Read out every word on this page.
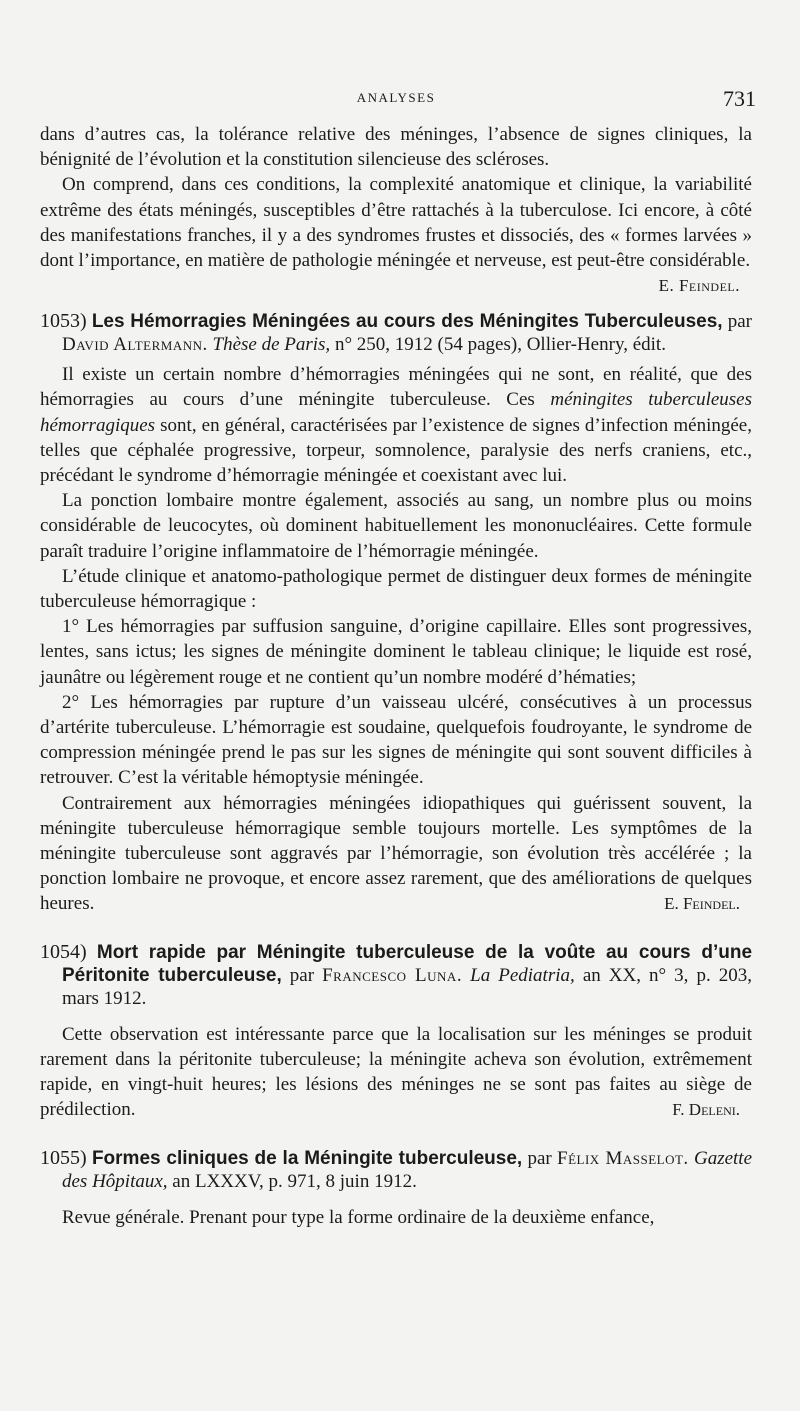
ANALYSES	731

dans d’autres cas, la tolérance relative des méninges, l’absence de signes cliniques, la bénignité de l’évolution et la constitution silencieuse des scléroses.

On comprend, dans ces conditions, la complexité anatomique et clinique, la variabilité extrême des états méningés, susceptibles d’être rattachés à la tuberculose. Ici encore, à côté des manifestations franches, il y a des syndromes frustes et dissociés, des « formes larvées » dont l’importance, en matière de pathologie méningée et nerveuse, est peut-être considérable.

E. Feindel.
1053) Les Hémorragies Méningées au cours des Méningites Tuberculeuses, par David Altermann. Thèse de Paris, n° 250, 1912 (54 pages), Ollier-Henry, édit.

Il existe un certain nombre d’hémorragies méningées qui ne sont, en réalité, que des hémorragies au cours d’une méningite tuberculeuse. Ces méningites tuberculeuses hémorragiques sont, en général, caractérisées par l’existence de signes d’infection méningée, telles que céphalée progressive, torpeur, somnolence, paralysie des nerfs craniens, etc., précédant le syndrome d’hémorragie méningée et coexistant avec lui.

La ponction lombaire montre également, associés au sang, un nombre plus ou moins considérable de leucocytes, où dominent habituellement les mononucléaires. Cette formule paraît traduire l’origine inflammatoire de l’hémorragie méningée.

L’étude clinique et anatomo-pathologique permet de distinguer deux formes de méningite tuberculeuse hémorragique :

1° Les hémorragies par suffusion sanguine, d’origine capillaire. Elles sont progressives, lentes, sans ictus; les signes de méningite dominent le tableau clinique; le liquide est rosé, jaunâtre ou légèrement rouge et ne contient qu’un nombre modéré d’hématies;

2° Les hémorragies par rupture d’un vaisseau ulcéré, consécutives à un processus d’artérite tuberculeuse. L’hémorragie est soudaine, quelquefois foudroyante, le syndrome de compression méningée prend le pas sur les signes de méningite qui sont souvent difficiles à retrouver. C’est la véritable hémoptysie méningée.

Contrairement aux hémorragies méningées idiopathiques qui guérissent souvent, la méningite tuberculeuse hémorragique semble toujours mortelle. Les symptômes de la méningite tuberculeuse sont aggravés par l’hémorragie, son évolution très accélérée ; la ponction lombaire ne provoque, et encore assez rarement, que des améliorations de quelques heures.	E. Feindel.

1054) Mort rapide par Méningite tuberculeuse de la voûte au cours d’une Péritonite tuberculeuse, par Francesco Luna. La Pediatria, an XX, n° 3, p. 203, mars 1912.

Cette observation est intéressante parce que la localisation sur les méninges se produit rarement dans la péritonite tuberculeuse; la méningite acheva son évolution, extrêmement rapide, en vingt-huit heures; les lésions des méninges ne se sont pas faites au siège de prédilection.	F. Deleni.

1055) Formes cliniques de la Méningite tuberculeuse, par Félix Masselot. Gazette des Hôpitaux, an LXXXV, p. 971, 8 juin 1912.

Revue générale. Prenant pour type la forme ordinaire de la deuxième enfance,
